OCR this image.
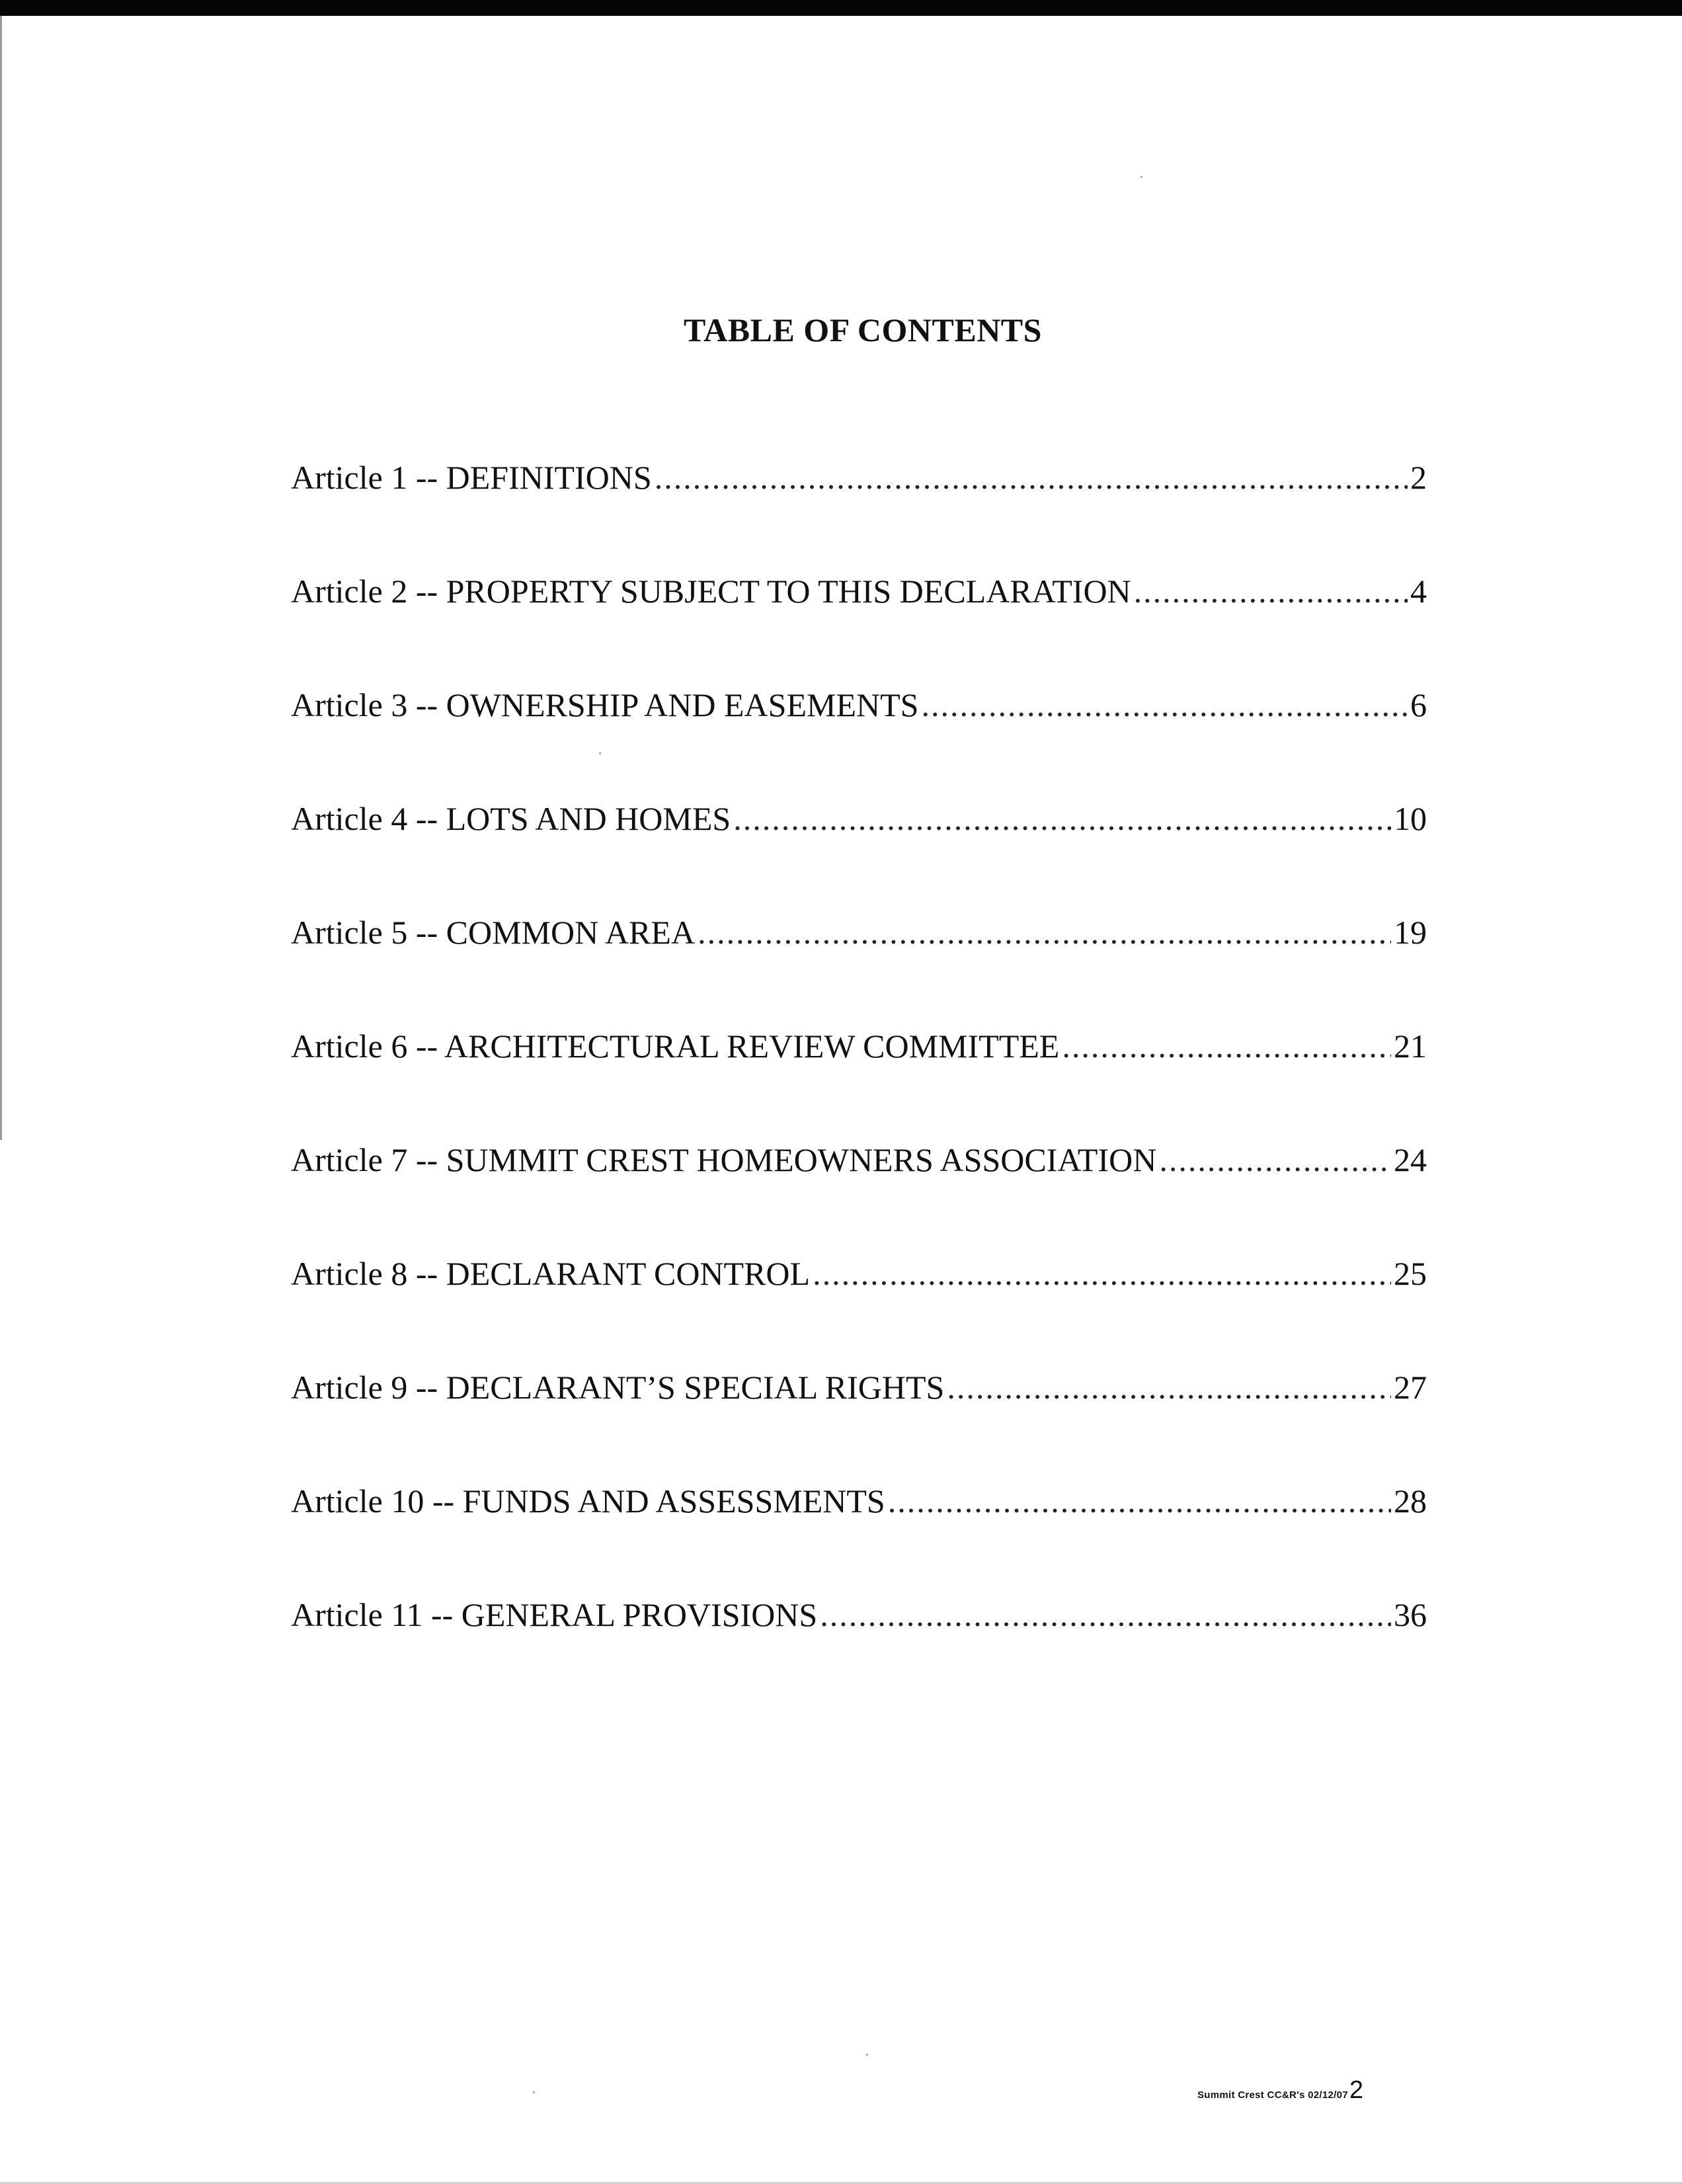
TABLE OF CONTENTS
Article 1 -- DEFINITIONS .....	2
Article 2 -- PROPERTY SUBJECT TO THIS DECLARATION .....	4
Article 3 -- OWNERSHIP AND EASEMENTS .....	6
Article 4 -- LOTS AND HOMES .....	10
Article 5 -- COMMON AREA .....	19
Article 6 -- ARCHITECTURAL REVIEW COMMITTEE .....	21
Article 7 -- SUMMIT CREST HOMEOWNERS ASSOCIATION .....	24
Article 8 -- DECLARANT CONTROL .....	25
Article 9 -- DECLARANT’S SPECIAL RIGHTS .....	27
Article 10 -- FUNDS AND ASSESSMENTS .....	28
Article 11 -- GENERAL PROVISIONS .....	36
Summit Crest CC&R's 02/12/07 2
